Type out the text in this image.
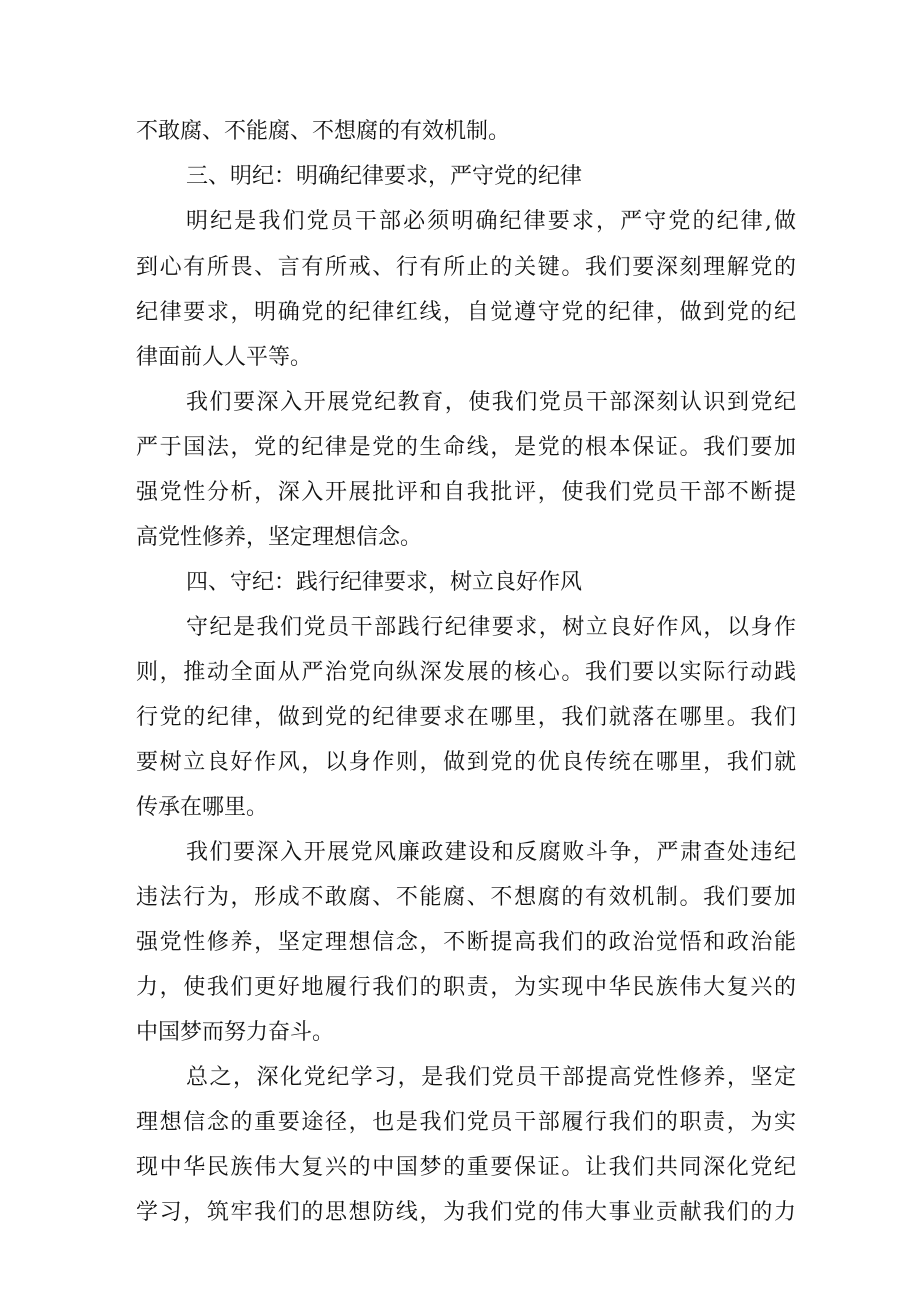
不敢腐、不能腐、不想腐的有效机制。
三、明纪：明确纪律要求，严守党的纪律
明纪是我们党员干部必须明确纪律要求，严守党的纪律,做
到心有所畏、言有所戒、行有所止的关键。我们要深刻理解党的
纪律要求，明确党的纪律红线，自觉遵守党的纪律，做到党的纪
律面前人人平等。
我们要深入开展党纪教育，使我们党员干部深刻认识到党纪
严于国法，党的纪律是党的生命线，是党的根本保证。我们要加
强党性分析，深入开展批评和自我批评，使我们党员干部不断提
高党性修养，坚定理想信念。
四、守纪：践行纪律要求，树立良好作风
守纪是我们党员干部践行纪律要求，树立良好作风，以身作
则，推动全面从严治党向纵深发展的核心。我们要以实际行动践
行党的纪律，做到党的纪律要求在哪里，我们就落在哪里。我们
要树立良好作风，以身作则，做到党的优良传统在哪里，我们就
传承在哪里。
我们要深入开展党风廉政建设和反腐败斗争，严肃查处违纪
违法行为，形成不敢腐、不能腐、不想腐的有效机制。我们要加
强党性修养，坚定理想信念，不断提高我们的政治觉悟和政治能
力，使我们更好地履行我们的职责，为实现中华民族伟大复兴的
中国梦而努力奋斗。
总之，深化党纪学习，是我们党员干部提高党性修养，坚定
理想信念的重要途径，也是我们党员干部履行我们的职责，为实
现中华民族伟大复兴的中国梦的重要保证。让我们共同深化党纪
学习，筑牢我们的思想防线，为我们党的伟大事业贡献我们的力
